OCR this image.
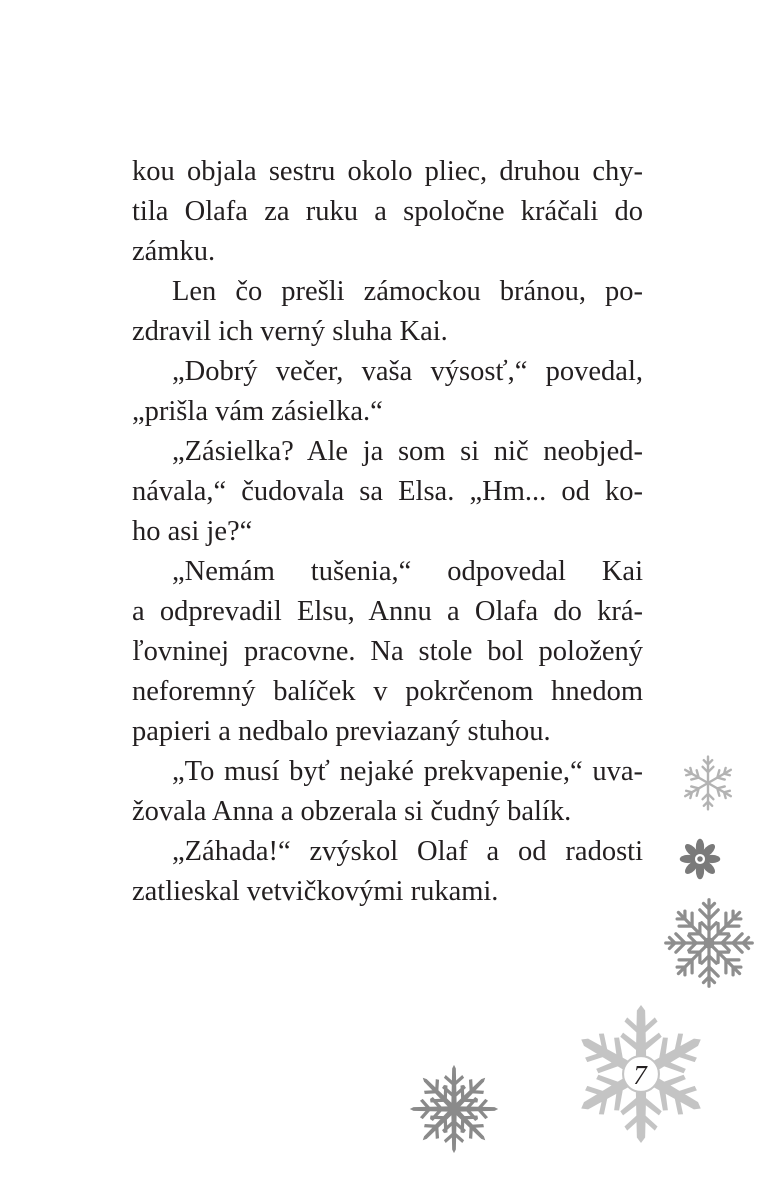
kou objala sestru okolo pliec, druhou chy-
tila Olafa za ruku a spoločne kráčali do
zámku.

Len čo prešli zámockou bránou, po-
zdravil ich verný sluha Kai.

„Dobrý večer, vaša výsosť,“ povedal,
„prišla vám zásielka.“

„Zásielka? Ale ja som si nič neobjed-
návala,“ čudovala sa Elsa. „Hm... od ko-
ho asi je?“

„Nemám tušenia,“ odpovedal Kai
a odprevadil Elsu, Annu a Olafa do krá-
ľovninej pracovne. Na stole bol položený
neforemný balíček v pokrčenom hnedom
papieri a nedbalo previazaný stuhou.

„To musí byť nejaké prekvapenie,“ uva-
žovala Anna a obzerala si čudný balík.

„Záhada!“ zvýskol Olaf a od radosti
zatlieskal vetvičkovými rukami.

7
